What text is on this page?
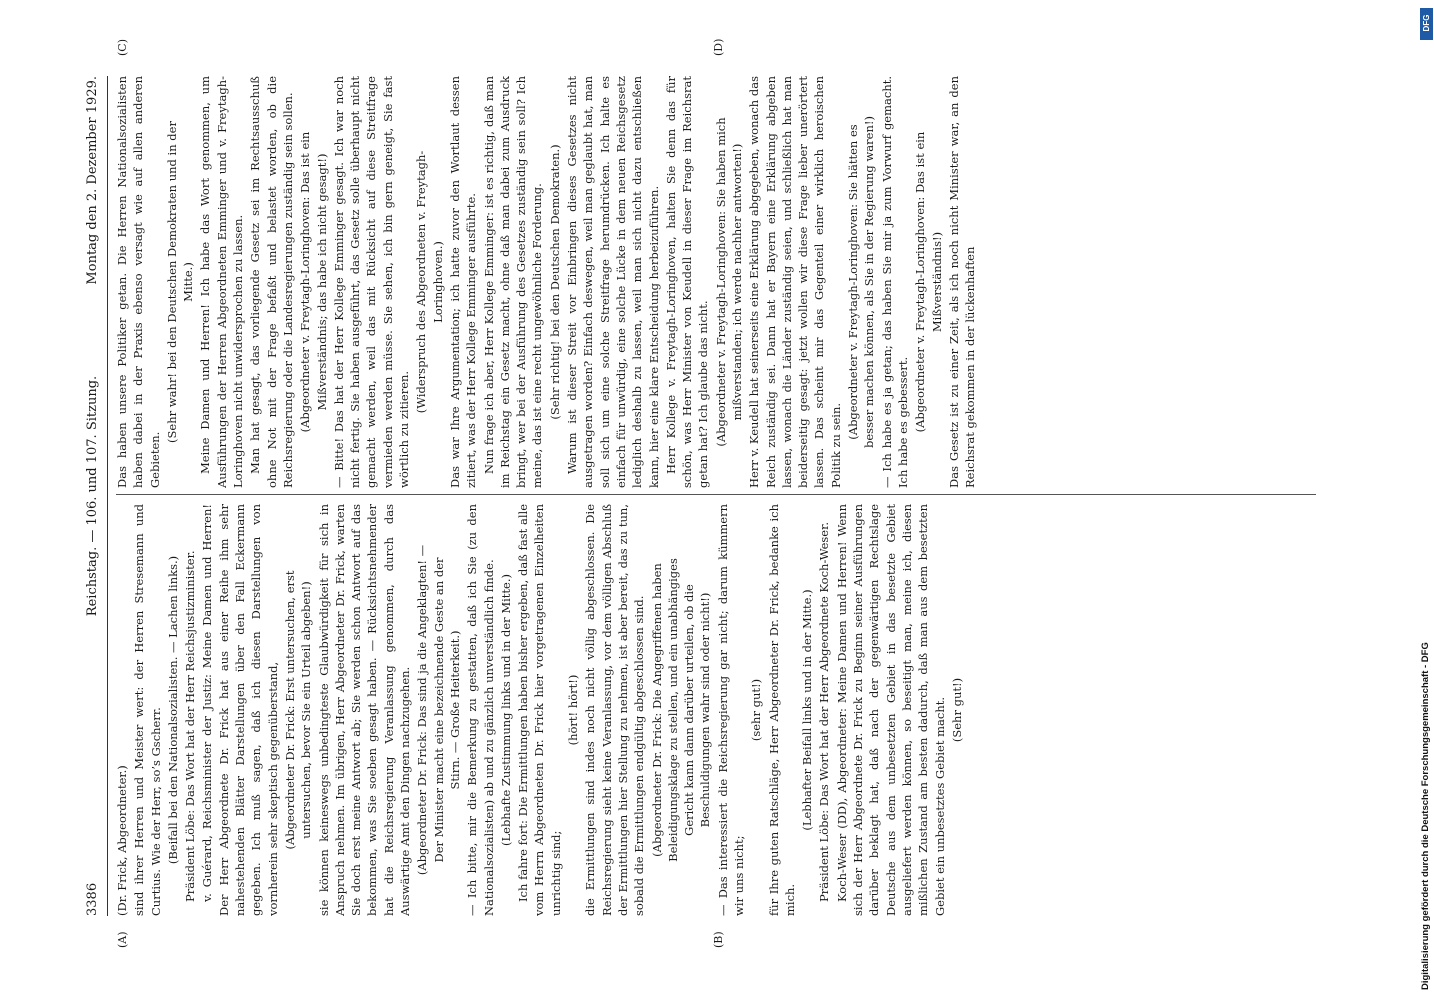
3386
Reichstag. — 106. und 107. Sitzung.
Montag den 2. Dezember 1929.
(A)	(B)
(C)	(D)

(Dr. Frick, Abgeordneter.) sind ihrer Herren und Meister wert: der Herren Stresemann und Curtius. Wie der Herr, so’s Gscherr. (Beifall bei den Nationalsozialisten. — Lachen links.) Präsident Löbe: Das Wort hat der Herr Reichsjustizminister. v. Guérard, Reichsminister der Justiz: Meine Damen und Herren! Der Herr Abgeordnete Dr. Frick hat aus einer Reihe ihm sehr nahestehenden Blätter Darstellungen über den Fall Eckermann gegeben. Ich muß sagen, daß ich diesen Darstellungen von vornherein sehr skeptisch gegenüberstand, (Abgeordneter Dr. Frick: Erst untersuchen, erst untersuchen, bevor Sie ein Urteil abgeben!) sie können keineswegs unbedingteste Glaubwürdigkeit für sich in Anspruch nehmen. Im übrigen, Herr Abgeordneter Dr. Frick, warten Sie doch erst meine Antwort ab; Sie werden schon Antwort auf das bekommen, was Sie soeben gesagt haben. — Rücksichtsnehmender hat die Reichsregierung Veranlassung genommen, durch das Auswärtige Amt den Dingen nachzugehen. (Abgeordneter Dr. Frick: Das sind ja die Angeklagten! — Der Minister macht eine bezeichnende Geste an der Stirn. — Große Heiterkeit.) — Ich bitte, mir die Bemerkung zu gestatten, daß ich Sie (zu den Nationalsozialisten) ab und zu gänzlich unverständlich finde. (Lebhafte Zustimmung links und in der Mitte.) Ich fahre fort: Die Ermittlungen haben bisher ergeben, daß fast alle vom Herrn Abgeordneten Dr. Frick hier vorgetragenen Einzelheiten unrichtig sind;

(hört! hört!) die Ermittlungen sind indes noch nicht völlig abgeschlossen. Die Reichsregierung sieht keine Veranlassung, vor dem völligen Abschluß der Ermittlungen hier Stellung zu nehmen, ist aber bereit, das zu tun, sobald die Ermittlungen endgültig abgeschlossen sind. (Abgeordneter Dr. Frick: Die Angegriffenen haben Beleidigungsklage zu stellen, und ein unabhängiges Gericht kann dann darüber urteilen, ob die Beschuldigungen wahr sind oder nicht!) — Das interessiert die Reichsregierung gar nicht; darum kümmern wir uns nicht;

(sehr gut!) für Ihre guten Ratschläge, Herr Abgeordneter Dr. Frick, bedanke ich mich.

(Lebhafter Beifall links und in der Mitte.) Präsident Löbe: Das Wort hat der Herr Abgeordnete Koch-Weser. Koch-Weser (DD), Abgeordneter: Meine Damen und Herren! Wenn sich der Herr Abgeordnete Dr. Frick zu Beginn seiner Ausführungen darüber beklagt hat, daß nach der gegenwärtigen Rechtslage Deutsche aus dem unbesetzten Gebiet in das besetzte Gebiet ausgeliefert werden können, so beseitigt man, meine ich, diesen mißlichen Zustand am besten dadurch, daß man aus dem besetzten Gebiet ein unbesetztes Gebiet macht. (Sehr gut!)

Das haben unsere Politiker getan. Die Herren Nationalsozialisten haben dabei in der Praxis ebenso versagt wie auf allen anderen Gebieten.

(Sehr wahr! bei den Deutschen Demokraten und in der Mitte.) Meine Damen und Herren! Ich habe das Wort genommen, um Ausführungen der Herren Abgeordneten Emminger und v. Freytagh-Loringhoven nicht unwidersprochen zu lassen. Man hat gesagt, das vorliegende Gesetz sei im Rechtsausschuß ohne Not mit der Frage befaßt und belastet worden, ob die Reichsregierung oder die Landesregierungen zuständig sein sollen. (Abgeordneter v. Freytagh-Loringhoven: Das ist ein Mißverständnis; das habe ich nicht gesagt!) — Bitte! Das hat der Herr Kollege Emminger gesagt. Ich war noch nicht fertig. Sie haben ausgeführt, das Gesetz solle überhaupt nicht gemacht werden, weil das mit Rücksicht auf diese Streitfrage vermieden werden müsse. Sie sehen, ich bin gern geneigt, Sie fast wörtlich zu zitieren.

(Widerspruch des Abgeordneten v. Freytagh-Loringhoven.) Das war Ihre Argumentation; ich hatte zuvor den Wortlaut dessen zitiert, was der Herr Kollege Emminger ausführte. Nun frage ich aber, Herr Kollege Emminger: ist es richtig, daß man im Reichstag ein Gesetz macht, ohne daß man dabei zum Ausdruck bringt, wer bei der Ausführung des Gesetzes zuständig sein soll? Ich meine, das ist eine recht ungewöhnliche Forderung. (Sehr richtig! bei den Deutschen Demokraten.) Warum ist dieser Streit vor Einbringen dieses Gesetzes nicht ausgetragen worden? Einfach deswegen, weil man geglaubt hat, man soll sich um eine solche Streitfrage herumdrücken. Ich halte es einfach für unwürdig, eine solche Lücke in dem neuen Reichsgesetz lediglich deshalb zu lassen, weil man sich nicht dazu entschließen kann, hier eine klare Entscheidung herbeizuführen. Herr Kollege v. Freytagh-Loringhoven, halten Sie denn das für schön, was Herr Minister von Keudell in dieser Frage im Reichsrat getan hat? Ich glaube das nicht. (Abgeordneter v. Freytagh-Loringhoven: Sie haben mich mißverstanden; ich werde nachher antworten!) Herr v. Keudell hat seinerseits eine Erklärung abgegeben, wonach das Reich zuständig sei. Dann hat er Bayern eine Erklärung abgeben lassen, wonach die Länder zuständig seien, und schließlich hat man beiderseitig gesagt: jetzt wollen wir diese Frage lieber unerörtert lassen. Das scheint mir das Gegenteil einer wirklich heroischen Politik zu sein.

(Abgeordneter v. Freytagh-Loringhoven: Sie hätten es besser machen können, als Sie in der Regierung waren!) — Ich habe es ja getan; das haben Sie mir ja zum Vorwurf gemacht. Ich habe es gebessert. (Abgeordneter v. Freytagh-Loringhoven: Das ist ein Mißverständnis!) Das Gesetz ist zu einer Zeit, als ich noch nicht Minister war, an den Reichsrat gekommen in der lückenhaften

DFG
Digitalisierung gefördert durch die Deutsche Forschungsgemeinschaft - DFG
